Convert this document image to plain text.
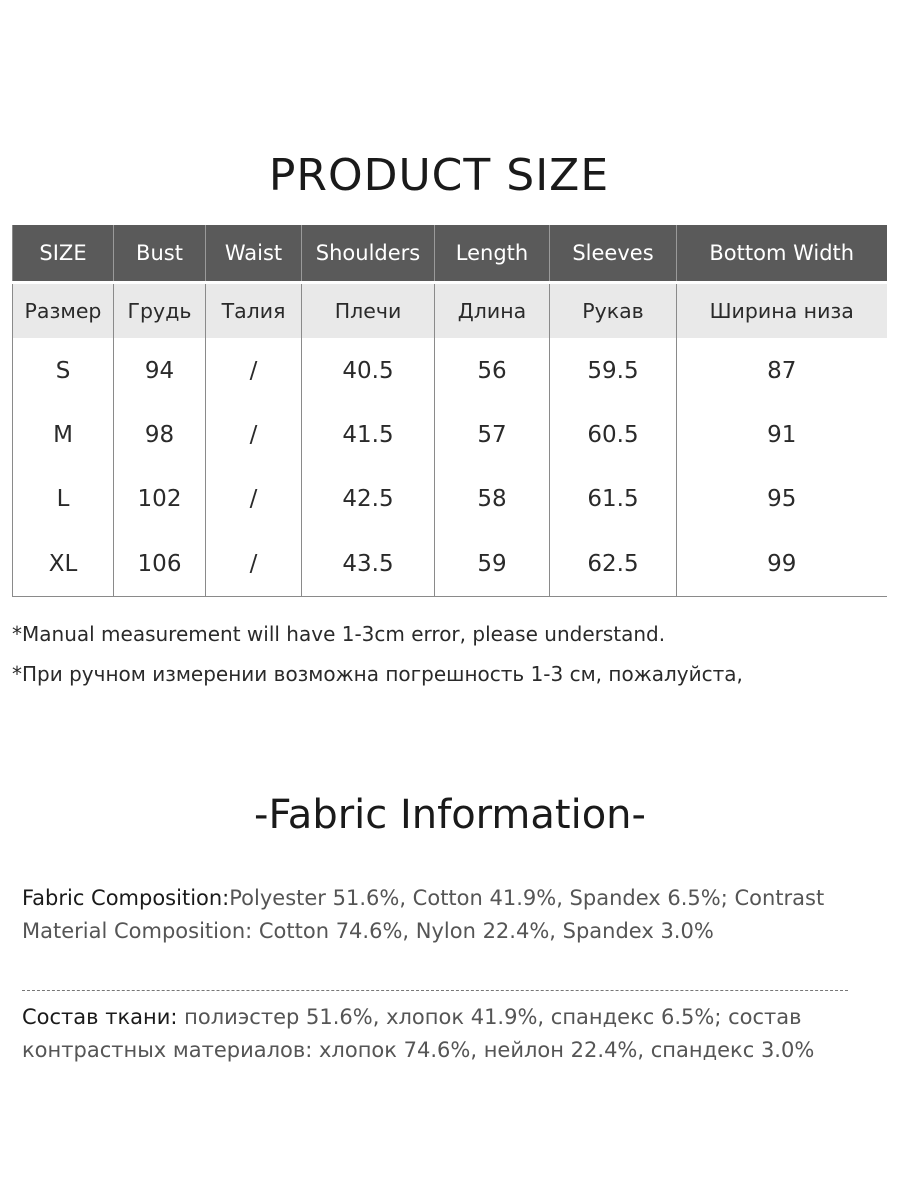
PRODUCT SIZE
SIZE	Bust	Waist	Shoulders	Length	Sleeves	Bottom Width
Размер	Грудь	Талия	Плечи	Длина	Рукав	Ширина низа
S	94	/	40.5	56	59.5	87
M	98	/	41.5	57	60.5	91
L	102	/	42.5	58	61.5	95
XL	106	/	43.5	59	62.5	99

*Manual measurement will have 1-3cm error, please understand.

*При ручном измерении возможна погрешность 1-3 см, пожалуйста,

-Fabric Information-

Fabric Composition:Polyester 51.6%, Cotton 41.9%, Spandex 6.5%; Contrast Material Composition: Cotton 74.6%, Nylon 22.4%, Spandex 3.0%

Состав ткани: полиэстер 51.6%, хлопок 41.9%, спандекс 6.5%; состав контрастных материалов: хлопок 74.6%, нейлон 22.4%, спандекс 3.0%
